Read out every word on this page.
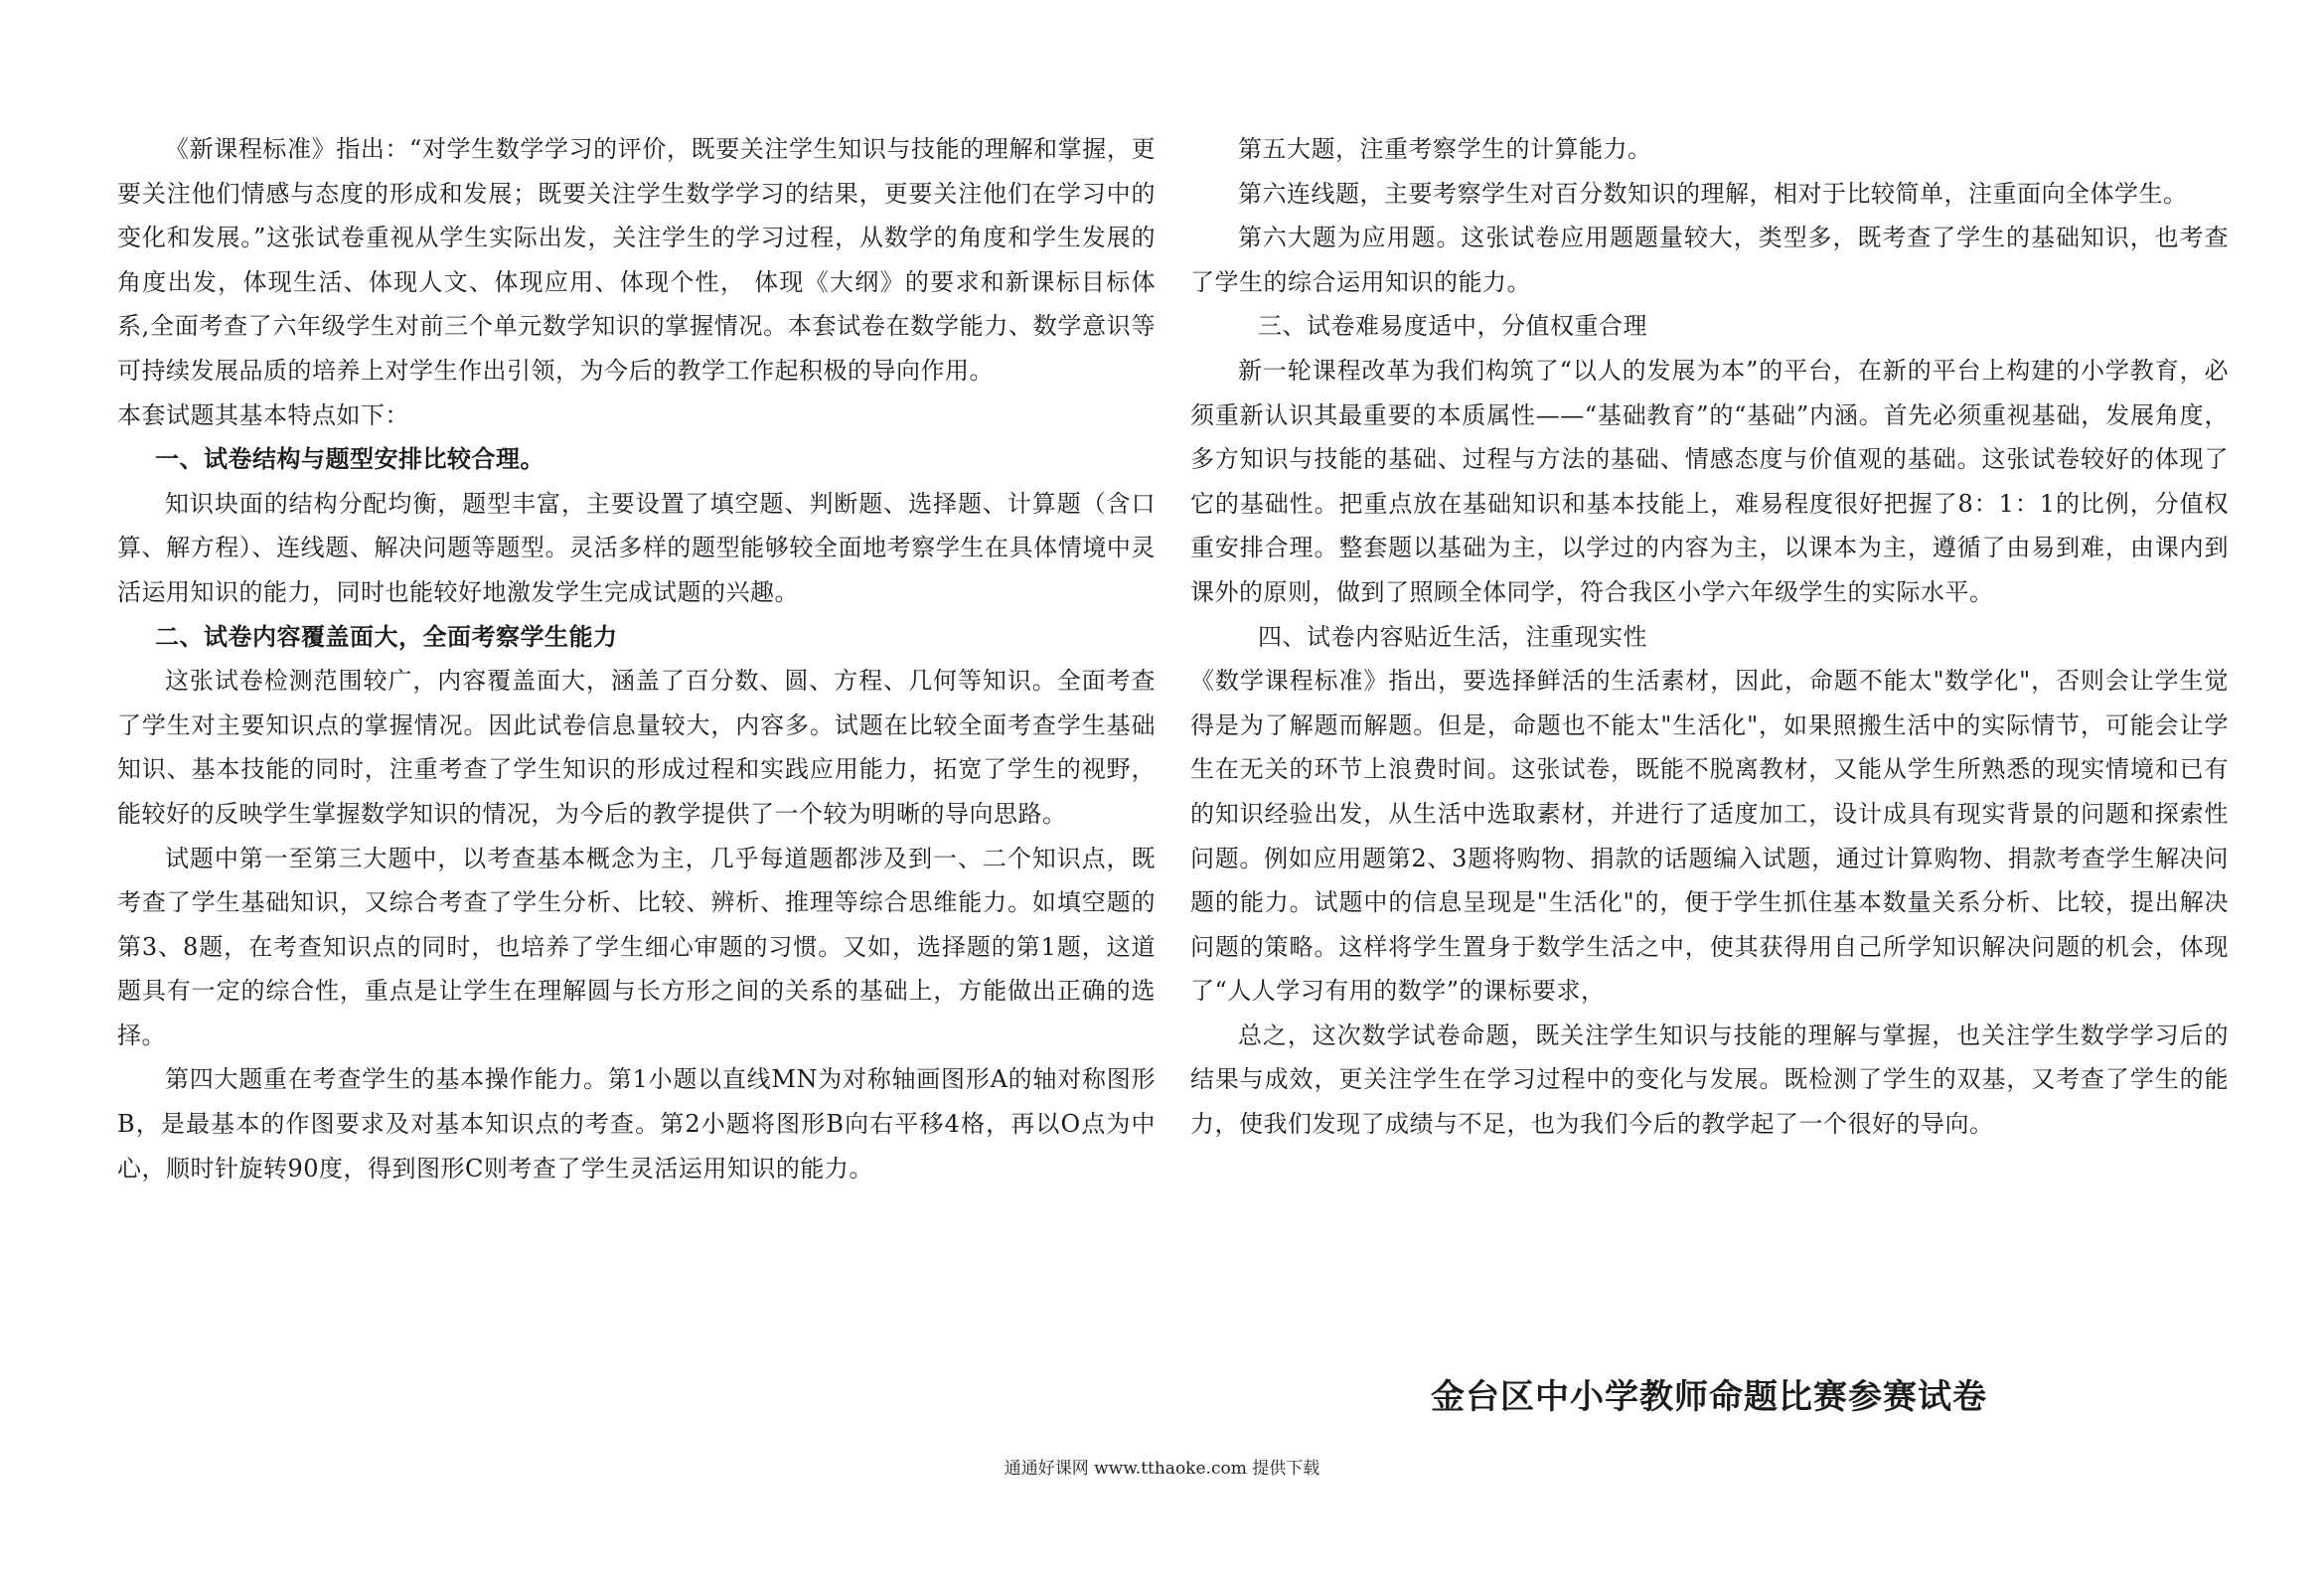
《新课程标准》指出：“对学生数学学习的评价，既要关注学生知识与技能的理解和掌握，更要关注他们情感与态度的形成和发展；既要关注学生数学学习的结果，更要关注他们在学习中的变化和发展。”这张试卷重视从学生实际出发，关注学生的学习过程，从数学的角度和学生发展的角度出发，体现生活、体现人文、体现应用、体现个性， 体现《大纲》的要求和新课标目标体系,全面考查了六年级学生对前三个单元数学知识的掌握情况。本套试卷在数学能力、数学意识等可持续发展品质的培养上对学生作出引领，为今后的教学工作起积极的导向作用。

本套试题其基本特点如下：

一、试卷结构与题型安排比较合理。

知识块面的结构分配均衡，题型丰富，主要设置了填空题、判断题、选择题、计算题（含口算、解方程）、连线题、解决问题等题型。灵活多样的题型能够较全面地考察学生在具体情境中灵活运用知识的能力，同时也能较好地激发学生完成试题的兴趣。

二、试卷内容覆盖面大，全面考察学生能力

这张试卷检测范围较广，内容覆盖面大，涵盖了百分数、圆、方程、几何等知识。全面考查了学生对主要知识点的掌握情况。因此试卷信息量较大，内容多。试题在比较全面考查学生基础知识、基本技能的同时，注重考查了学生知识的形成过程和实践应用能力，拓宽了学生的视野，能较好的反映学生掌握数学知识的情况，为今后的教学提供了一个较为明晰的导向思路。

试题中第一至第三大题中，以考查基本概念为主，几乎每道题都涉及到一、二个知识点，既考查了学生基础知识，又综合考查了学生分析、比较、辨析、推理等综合思维能力。如填空题的第3、8题，在考查知识点的同时，也培养了学生细心审题的习惯。又如，选择题的第1题，这道题具有一定的综合性，重点是让学生在理解圆与长方形之间的关系的基础上，方能做出正确的选择。

第四大题重在考查学生的基本操作能力。第1小题以直线MN为对称轴画图形A的轴对称图形B，是最基本的作图要求及对基本知识点的考查。第2小题将图形B向右平移4格，再以O点为中心，顺时针旋转90度，得到图形C则考查了学生灵活运用知识的能力。

第五大题，注重考察学生的计算能力。

第六连线题，主要考察学生对百分数知识的理解，相对于比较简单，注重面向全体学生。

第六大题为应用题。这张试卷应用题题量较大，类型多，既考查了学生的基础知识，也考查了学生的综合运用知识的能力。

三、试卷难易度适中，分值权重合理

新一轮课程改革为我们构筑了“以人的发展为本”的平台，在新的平台上构建的小学教育，必须重新认识其最重要的本质属性——“基础教育”的“基础”内涵。首先必须重视基础，发展角度，多方知识与技能的基础、过程与方法的基础、情感态度与价值观的基础。这张试卷较好的体现了它的基础性。把重点放在基础知识和基本技能上，难易程度很好把握了8：1：1的比例，分值权重安排合理。整套题以基础为主，以学过的内容为主，以课本为主，遵循了由易到难，由课内到课外的原则，做到了照顾全体同学，符合我区小学六年级学生的实际水平。

四、试卷内容贴近生活，注重现实性

《数学课程标准》指出，要选择鲜活的生活素材，因此，命题不能太"数学化"，否则会让学生觉得是为了解题而解题。但是，命题也不能太"生活化"，如果照搬生活中的实际情节，可能会让学生在无关的环节上浪费时间。这张试卷，既能不脱离教材，又能从学生所熟悉的现实情境和已有的知识经验出发，从生活中选取素材，并进行了适度加工，设计成具有现实背景的问题和探索性问题。例如应用题第2、3题将购物、捐款的话题编入试题，通过计算购物、捐款考查学生解决问题的能力。试题中的信息呈现是"生活化"的，便于学生抓住基本数量关系分析、比较，提出解决问题的策略。这样将学生置身于数学生活之中，使其获得用自己所学知识解决问题的机会，体现了“人人学习有用的数学”的课标要求，

总之，这次数学试卷命题，既关注学生知识与技能的理解与掌握，也关注学生数学学习后的结果与成效，更关注学生在学习过程中的变化与发展。既检测了学生的双基，又考查了学生的能力，使我们发现了成绩与不足，也为我们今后的教学起了一个很好的导向。

金台区中小学教师命题比赛参赛试卷

通通好课网 www.tthaoke.com 提供下载
